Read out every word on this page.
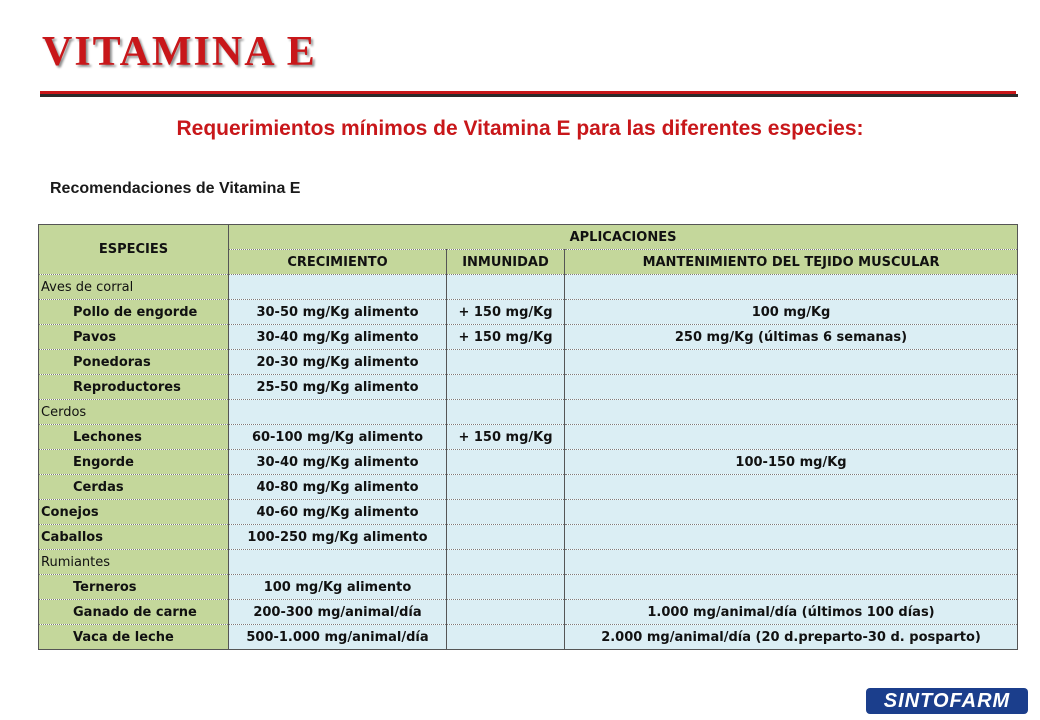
VITAMINA E

Requerimientos mínimos de Vitamina E para las diferentes especies:

Recomendaciones de Vitamina E

ESPECIES	APLICACIONES		
	CRECIMIENTO	INMUNIDAD	MANTENIMIENTO DEL TEJIDO MUSCULAR
Aves de corral			
Pollo de engorde	30-50 mg/Kg alimento	+ 150 mg/Kg	100 mg/Kg
Pavos	30-40 mg/Kg alimento	+ 150 mg/Kg	250 mg/Kg (últimas 6 semanas)
Ponedoras	20-30 mg/Kg alimento		
Reproductores	25-50 mg/Kg alimento		
Cerdos			
Lechones	60-100 mg/Kg alimento	+ 150 mg/Kg	
Engorde	30-40 mg/Kg alimento		100-150 mg/Kg
Cerdas	40-80 mg/Kg alimento		
Conejos	40-60 mg/Kg alimento		
Caballos	100-250 mg/Kg alimento		
Rumiantes			
Terneros	100 mg/Kg alimento		
Ganado de carne	200-300 mg/animal/día		1.000 mg/animal/día (últimos 100 días)
Vaca de leche	500-1.000 mg/animal/día		2.000 mg/animal/día (20 d.preparto-30 d. posparto)
SINTOFARM
